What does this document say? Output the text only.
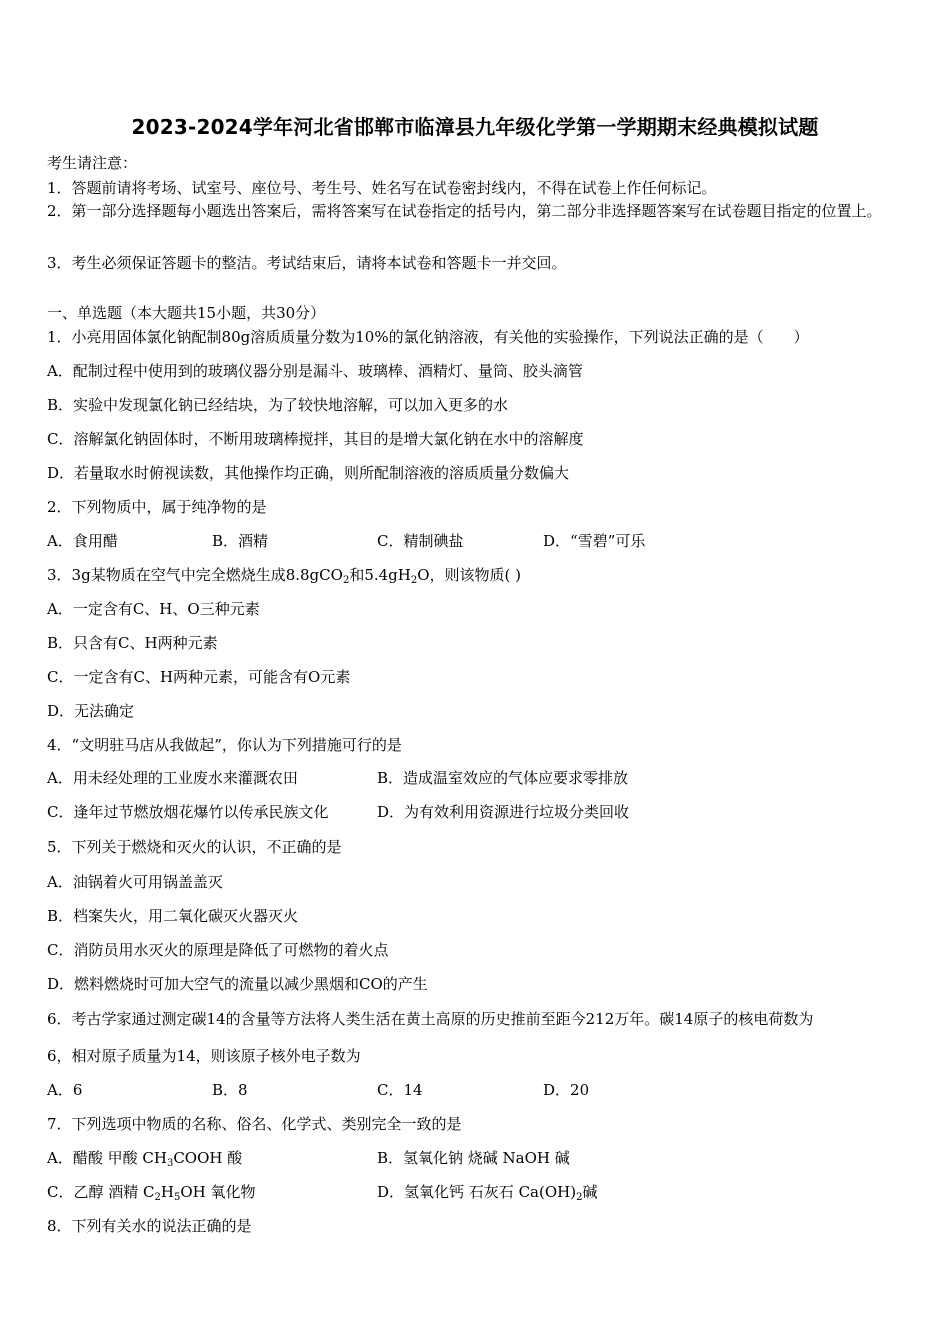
2023-2024学年河北省邯郸市临漳县九年级化学第一学期期末经典模拟试题
考生请注意：
1．答题前请将考场、试室号、座位号、考生号、姓名写在试卷密封线内，不得在试卷上作任何标记。
2．第一部分选择题每小题选出答案后，需将答案写在试卷指定的括号内，第二部分非选择题答案写在试卷题目指定的位置上。
3．考生必须保证答题卡的整洁。考试结束后，请将本试卷和答题卡一并交回。
一、单选题（本大题共15小题，共30分）
1．小亮用固体氯化钠配制80g溶质质量分数为10%的氯化钠溶液，有关他的实验操作，下列说法正确的是（　　）
A．配制过程中使用到的玻璃仪器分别是漏斗、玻璃棒、酒精灯、量筒、胶头滴管
B．实验中发现氯化钠已经结块，为了较快地溶解，可以加入更多的水
C．溶解氯化钠固体时，不断用玻璃棒搅拌，其目的是增大氯化钠在水中的溶解度
D．若量取水时俯视读数，其他操作均正确，则所配制溶液的溶质质量分数偏大
2．下列物质中，属于纯净物的是
A．食用醋	B．酒精	C．精制碘盐	D．“雪碧”可乐
3．3g某物质在空气中完全燃烧生成8.8gCO$_2$和$5.4gH_2O$，则该物质( )
A．一定含有C、H、O三种元素
B．只含有C、H两种元素
C．一定含有C、H两种元素，可能含有O元素
D．无法确定
4．“文明驻马店从我做起”，你认为下列措施可行的是
A．用未经处理的工业废水来灌溉农田	B．造成温室效应的气体应要求零排放
C．逢年过节燃放烟花爆竹以传承民族文化	D．为有效利用资源进行垃圾分类回收
5．下列关于燃烧和灭火的认识，不正确的是
A．油锅着火可用锅盖盖灭
B．档案失火，用二氧化碳灭火器灭火
C．消防员用水灭火的原理是降低了可燃物的着火点
D．燃料燃烧时可加大空气的流量以减少黑烟和CO的产生
6．考古学家通过测定碳14的含量等方法将人类生活在黄土高原的历史推前至距今212万年。碳14原子的核电荷数为
6，相对原子质量为14，则该原子核外电子数为
A．6	B．8	C．14	D．20
7．下列选项中物质的名称、俗名、化学式、类别完全一致的是
A．醋酸 甲酸 $CH_3COOH$ 酸	B．氢氧化钠 烧碱 NaOH 碱
C．乙醇 酒精 $C_2H_5OH$ 氧化物	D．氢氧化钙 石灰石 $Ca(OH)_2$碱
8．下列有关水的说法正确的是
